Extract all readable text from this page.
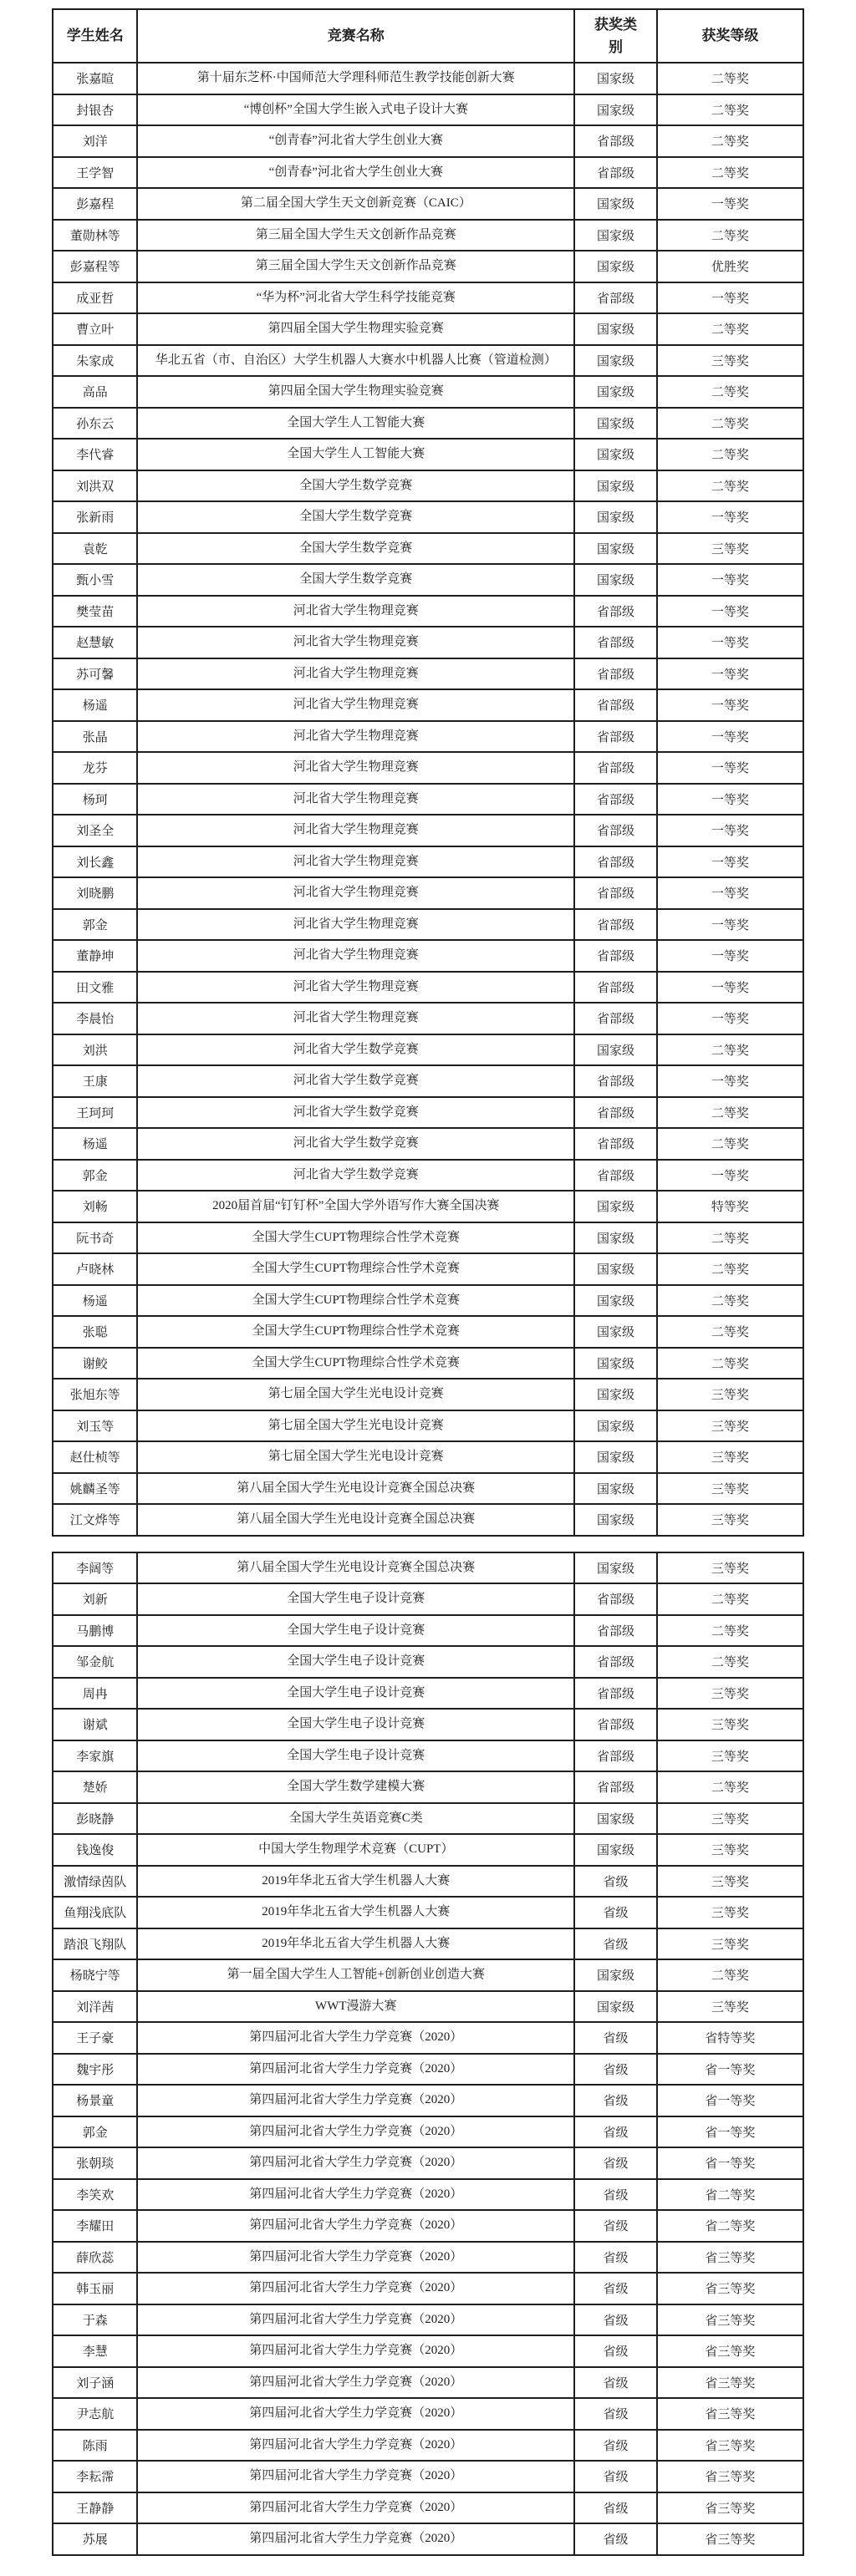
学生姓名	竞赛名称	获奖类别	获奖等级
张嘉暄	第十届东芝杯·中国师范大学理科师范生教学技能创新大赛	国家级	二等奖
封银杏	“博创杯”全国大学生嵌入式电子设计大赛	国家级	二等奖
刘洋	“创青春”河北省大学生创业大赛	省部级	二等奖
王学智	“创青春”河北省大学生创业大赛	省部级	二等奖
彭嘉程	第二届全国大学生天文创新竞赛（CAIC）	国家级	一等奖
董勋林等	第三届全国大学生天文创新作品竞赛	国家级	二等奖
彭嘉程等	第三届全国大学生天文创新作品竞赛	国家级	优胜奖
成亚哲	“华为杯”河北省大学生科学技能竞赛	省部级	一等奖
曹立叶	第四届全国大学生物理实验竞赛	国家级	二等奖
朱家成	华北五省（市、自治区）大学生机器人大赛水中机器人比赛（管道检测）	国家级	三等奖
高品	第四届全国大学生物理实验竞赛	国家级	二等奖
孙东云	全国大学生人工智能大赛	国家级	二等奖
李代睿	全国大学生人工智能大赛	国家级	二等奖
刘洪双	全国大学生数学竞赛	国家级	二等奖
张新雨	全国大学生数学竞赛	国家级	一等奖
袁乾	全国大学生数学竞赛	国家级	三等奖
甄小雪	全国大学生数学竞赛	国家级	一等奖
樊莹苗	河北省大学生物理竞赛	省部级	一等奖
赵慧敏	河北省大学生物理竞赛	省部级	一等奖
苏可馨	河北省大学生物理竞赛	省部级	一等奖
杨遥	河北省大学生物理竞赛	省部级	一等奖
张晶	河北省大学生物理竞赛	省部级	一等奖
龙芬	河北省大学生物理竞赛	省部级	一等奖
杨珂	河北省大学生物理竞赛	省部级	一等奖
刘圣全	河北省大学生物理竞赛	省部级	一等奖
刘长鑫	河北省大学生物理竞赛	省部级	一等奖
刘晓鹏	河北省大学生物理竞赛	省部级	一等奖
郭金	河北省大学生物理竞赛	省部级	一等奖
董静坤	河北省大学生物理竞赛	省部级	一等奖
田文雅	河北省大学生物理竞赛	省部级	一等奖
李晨怡	河北省大学生物理竞赛	省部级	一等奖
刘洪	河北省大学生数学竞赛	国家级	二等奖
王康	河北省大学生数学竞赛	省部级	一等奖
王珂珂	河北省大学生数学竞赛	省部级	二等奖
杨遥	河北省大学生数学竞赛	省部级	二等奖
郭金	河北省大学生数学竞赛	省部级	一等奖
刘畅	2020届首届“钉钉杯”全国大学外语写作大赛全国决赛	国家级	特等奖
阮书奇	全国大学生CUPT物理综合性学术竞赛	国家级	二等奖
卢晓林	全国大学生CUPT物理综合性学术竞赛	国家级	二等奖
杨遥	全国大学生CUPT物理综合性学术竞赛	国家级	二等奖
张聪	全国大学生CUPT物理综合性学术竞赛	国家级	二等奖
谢鲛	全国大学生CUPT物理综合性学术竞赛	国家级	二等奖
张旭东等	第七届全国大学生光电设计竞赛	国家级	三等奖
刘玉等	第七届全国大学生光电设计竞赛	国家级	三等奖
赵仕桢等	第七届全国大学生光电设计竞赛	国家级	三等奖
姚麟圣等	第八届全国大学生光电设计竞赛全国总决赛	国家级	三等奖
江文烨等	第八届全国大学生光电设计竞赛全国总决赛	国家级	三等奖
李阔等	第八届全国大学生光电设计竞赛全国总决赛	国家级	三等奖
刘新	全国大学生电子设计竞赛	省部级	二等奖
马鹏博	全国大学生电子设计竞赛	省部级	二等奖
邹金航	全国大学生电子设计竞赛	省部级	二等奖
周冉	全国大学生电子设计竞赛	省部级	三等奖
谢斌	全国大学生电子设计竞赛	省部级	三等奖
李家旗	全国大学生电子设计竞赛	省部级	三等奖
楚娇	全国大学生数学建模大赛	省部级	二等奖
彭晓静	全国大学生英语竞赛C类	国家级	三等奖
钱逸俊	中国大学生物理学术竞赛（CUPT）	国家级	三等奖
激情绿茵队	2019年华北五省大学生机器人大赛	省级	三等奖
鱼翔浅底队	2019年华北五省大学生机器人大赛	省级	三等奖
踏浪飞翔队	2019年华北五省大学生机器人大赛	省级	三等奖
杨晓宁等	第一届全国大学生人工智能+创新创业创造大赛	国家级	二等奖
刘洋茜	WWT漫游大赛	国家级	三等奖
王子豪	第四届河北省大学生力学竞赛（2020）	省级	省特等奖
魏宇彤	第四届河北省大学生力学竞赛（2020）	省级	省一等奖
杨景童	第四届河北省大学生力学竞赛（2020）	省级	省一等奖
郭金	第四届河北省大学生力学竞赛（2020）	省级	省一等奖
张朝琰	第四届河北省大学生力学竞赛（2020）	省级	省一等奖
李笑欢	第四届河北省大学生力学竞赛（2020）	省级	省二等奖
李耀田	第四届河北省大学生力学竞赛（2020）	省级	省二等奖
薛欣蕊	第四届河北省大学生力学竞赛（2020）	省级	省三等奖
韩玉丽	第四届河北省大学生力学竞赛（2020）	省级	省三等奖
于森	第四届河北省大学生力学竞赛（2020）	省级	省三等奖
李慧	第四届河北省大学生力学竞赛（2020）	省级	省三等奖
刘子涵	第四届河北省大学生力学竞赛（2020）	省级	省三等奖
尹志航	第四届河北省大学生力学竞赛（2020）	省级	省三等奖
陈雨	第四届河北省大学生力学竞赛（2020）	省级	省三等奖
李耘霈	第四届河北省大学生力学竞赛（2020）	省级	省三等奖
王静静	第四届河北省大学生力学竞赛（2020）	省级	省三等奖
苏展	第四届河北省大学生力学竞赛（2020）	省级	省三等奖
